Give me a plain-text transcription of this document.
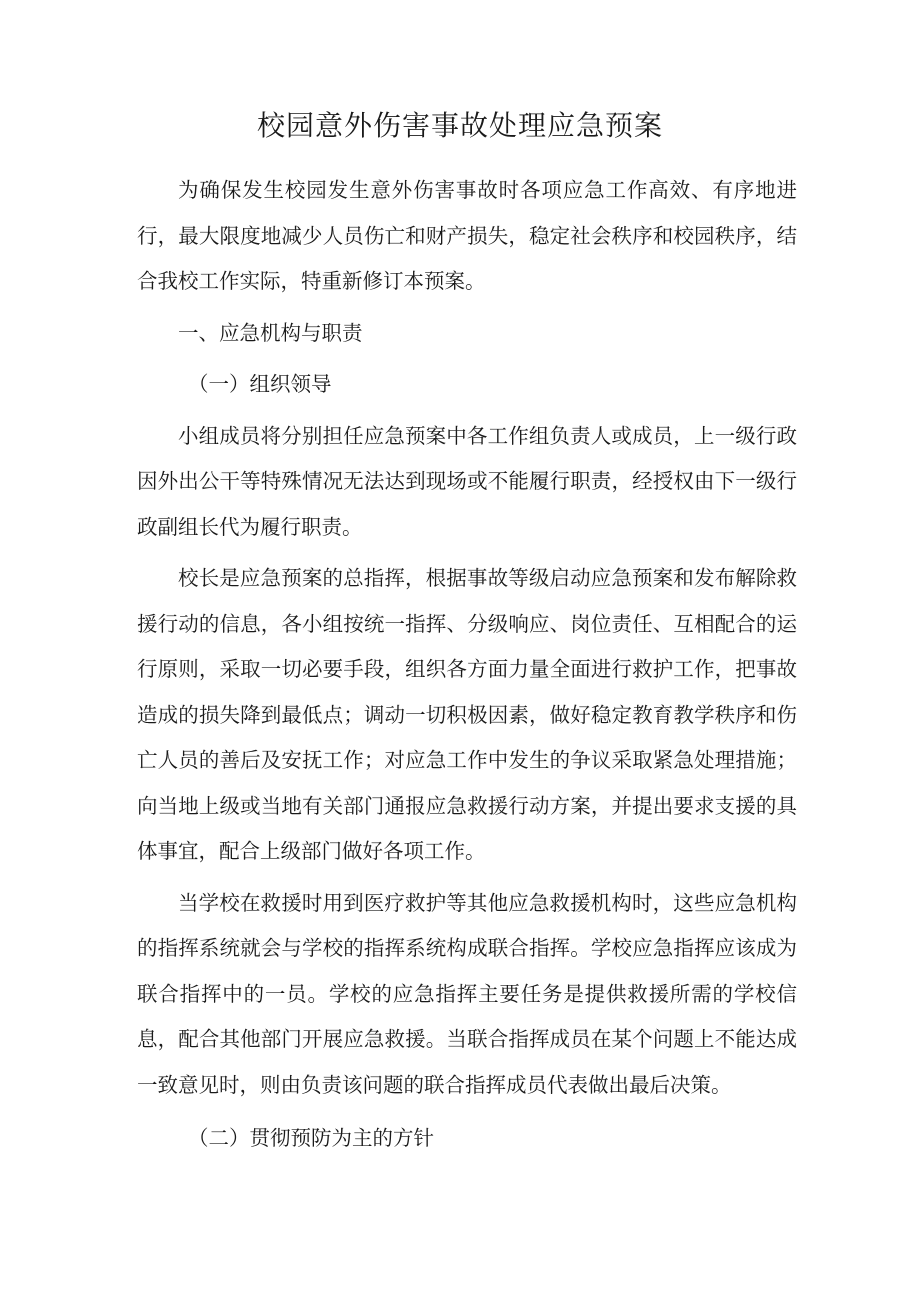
校园意外伤害事故处理应急预案

为确保发生校园发生意外伤害事故时各项应急工作高效、有序地进行，最大限度地减少人员伤亡和财产损失，稳定社会秩序和校园秩序，结合我校工作实际，特重新修订本预案。

一、应急机构与职责

（一）组织领导

小组成员将分别担任应急预案中各工作组负责人或成员，上一级行政因外出公干等特殊情况无法达到现场或不能履行职责，经授权由下一级行政副组长代为履行职责。

校长是应急预案的总指挥，根据事故等级启动应急预案和发布解除救援行动的信息，各小组按统一指挥、分级响应、岗位责任、互相配合的运行原则，采取一切必要手段，组织各方面力量全面进行救护工作，把事故造成的损失降到最低点；调动一切积极因素，做好稳定教育教学秩序和伤亡人员的善后及安抚工作；对应急工作中发生的争议采取紧急处理措施；向当地上级或当地有关部门通报应急救援行动方案，并提出要求支援的具体事宜，配合上级部门做好各项工作。

当学校在救援时用到医疗救护等其他应急救援机构时，这些应急机构的指挥系统就会与学校的指挥系统构成联合指挥。学校应急指挥应该成为联合指挥中的一员。学校的应急指挥主要任务是提供救援所需的学校信息，配合其他部门开展应急救援。当联合指挥成员在某个问题上不能达成一致意见时，则由负责该问题的联合指挥成员代表做出最后决策。

（二）贯彻预防为主的方针
